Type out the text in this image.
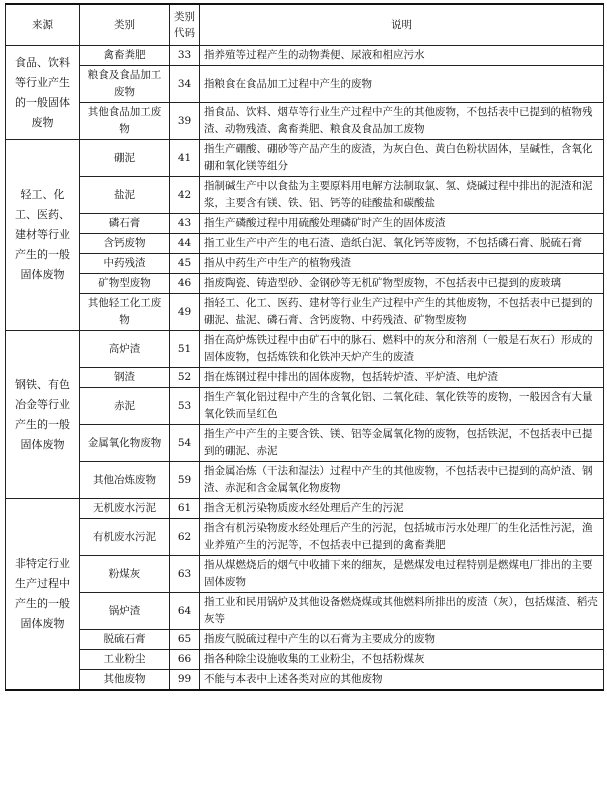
来源	类别	类别代码	说明
食品、饮料等行业产生的一般固体废物	禽畜粪肥	33	指养殖等过程产生的动物粪便、尿液和相应污水
	粮食及食品加工废物	34	指粮食在食品加工过程中产生的废物
	其他食品加工废物	39	指食品、饮料、烟草等行业生产过程中产生的其他废物，不包括表中已提到的植物残渣、动物残渣、禽畜粪肥、粮食及食品加工废物
轻工、化工、医药、建材等行业产生的一般固体废物	硼泥	41	指生产硼酸、硼砂等产品产生的废渣，为灰白色、黄白色粉状固体，呈碱性，含氧化硼和氧化镁等组分
	盐泥	42	指制碱生产中以食盐为主要原料用电解方法制取氯、氢、烧碱过程中排出的泥渣和泥浆，主要含有镁、铁、铝、钙等的硅酸盐和碳酸盐
	磷石膏	43	指生产磷酸过程中用硫酸处理磷矿时产生的固体废渣
	含钙废物	44	指工业生产中产生的电石渣、造纸白泥、氧化钙等废物，不包括磷石膏、脱硫石膏
	中药残渣	45	指从中药生产中生产的植物残渣
	矿物型废物	46	指废陶瓷、铸造型砂、金钢砂等无机矿物型废物，不包括表中已提到的废玻璃
	其他轻工化工废物	49	指轻工、化工、医药、建材等行业生产过程中产生的其他废物，不包括表中已提到的硼泥、盐泥、磷石膏、含钙废物、中药残渣、矿物型废物
钢铁、有色冶金等行业产生的一般固体废物	高炉渣	51	指在高炉炼铁过程中由矿石中的脉石、燃料中的灰分和溶剂（一般是石灰石）形成的固体废物，包括炼铁和化铁冲天炉产生的废渣
	钢渣	52	指在炼钢过程中排出的固体废物，包括转炉渣、平炉渣、电炉渣
	赤泥	53	指生产氧化铝过程中产生的含氧化铝、二氧化硅、氧化铁等的废物，一般因含有大量氧化铁而呈红色
	金属氧化物废物	54	指生产中产生的主要含铁、镁、铝等金属氧化物的废物，包括铁泥，不包括表中已提到的硼泥、赤泥
	其他冶炼废物	59	指金属冶炼（干法和湿法）过程中产生的其他废物，不包括表中已提到的高炉渣、钢渣、赤泥和含金属氧化物废物
非特定行业生产过程中产生的一般固体废物	无机废水污泥	61	指含无机污染物质废水经处理后产生的污泥
	有机废水污泥	62	指含有机污染物废水经处理后产生的污泥，包括城市污水处理厂的生化活性污泥，渔业养殖产生的污泥等，不包括表中已提到的禽畜粪肥
	粉煤灰	63	指从煤燃烧后的烟气中收捕下来的细灰，是燃煤发电过程特别是燃煤电厂排出的主要固体废物
	锅炉渣	64	指工业和民用锅炉及其他设备燃烧煤或其他燃料所排出的废渣（灰），包括煤渣、稻壳灰等
	脱硫石膏	65	指废气脱硫过程中产生的以石膏为主要成分的废物
	工业粉尘	66	指各种除尘设施收集的工业粉尘，不包括粉煤灰
	其他废物	99	不能与本表中上述各类对应的其他废物
